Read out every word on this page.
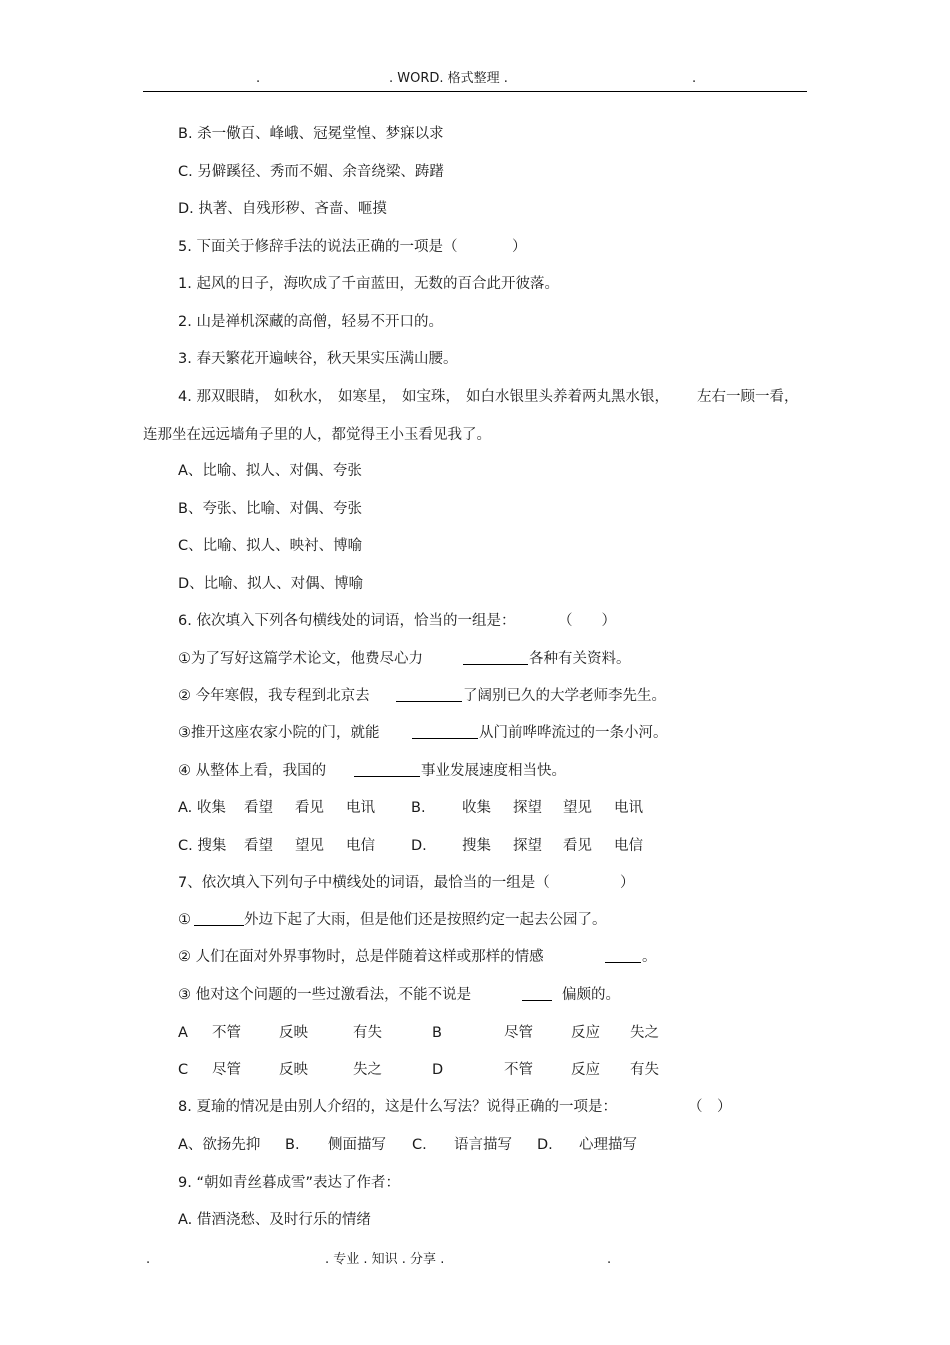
.	. WORD. 格式整理 .	.
B. 杀一儆百、峰峨、冠冕堂惶、梦寐以求
C. 另僻蹊径、秀而不媚、余音绕梁、踌躇
D. 执著、自残形秽、吝啬、咂摸
5. 下面关于修辞手法的说法正确的一项是（	）
1. 起风的日子，海吹成了千亩蓝田，无数的百合此开彼落。
2. 山是禅机深藏的高僧，轻易不开口的。
3. 春天繁花开遍峡谷，秋天果实压满山腰。
4. 那双眼睛， 如秋水， 如寒星， 如宝珠， 如白水银里头养着两丸黑水银， 左右一顾一看，
连那坐在远远墙角子里的人，都觉得王小玉看见我了。
A、比喻、拟人、对偶、夸张
B、夸张、比喻、对偶、夸张
C、比喻、拟人、映衬、博喻
D、比喻、拟人、对偶、博喻
6. 依次填入下列各句横线处的词语，恰当的一组是：	（　　）
①为了写好这篇学术论文，他费尽心力	各种有关资料。
② 今年寒假，我专程到北京去	了阔别已久的大学老师李先生。
③推开这座农家小院的门，就能	从门前哗哗流过的一条小河。
④ 从整体上看，我国的	事业发展速度相当快。
A. 收集 看望 看见 电讯 B.	收集 探望 望见 电讯
C. 搜集 看望 望见 电信 D. 搜集 探望 看见 电信
7、依次填入下列句子中横线处的词语，最恰当的一组是（	）
①	外边下起了大雨，但是他们还是按照约定一起去公园了。
② 人们在面对外界事物时，总是伴随着这样或那样的情感	。
③ 他对这个问题的一些过激看法，不能不说是	偏颇的。
A 不管	反映	有失	B	尽管	反应 失之
C 尽管	反映	失之	D	不管	反应 有失
8. 夏瑜的情况是由别人介绍的，这是什么写法？说得正确的一项是：	（　）
A、欲扬先抑 B. 侧面描写 C. 语言描写 D. 心理描写
9. “朝如青丝暮成雪”表达了作者：
A. 借酒浇愁、及时行乐的情绪
.	. 专业 . 知识 . 分享 .	.
